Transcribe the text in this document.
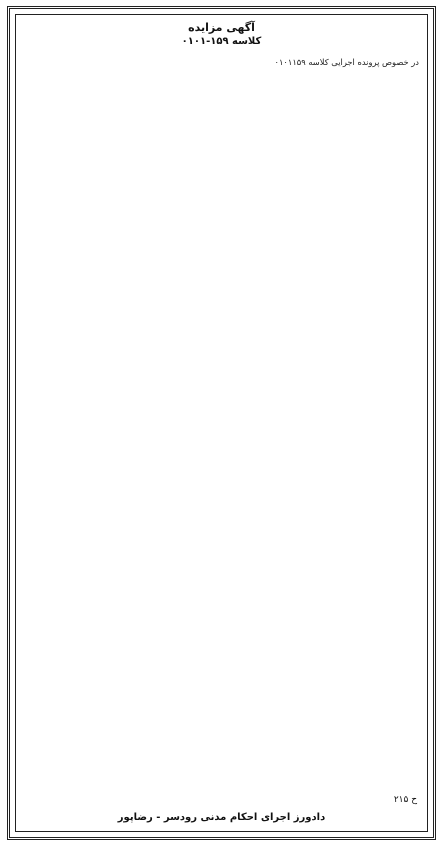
آگهی مزایده
کلاسه ۱۵۹-۰۱۰۱
در خصوص پرونده اجرایی کلاسه ۰۱۰۱۱۵۹
ح ۲۱۵
دادورز اجرای احکام مدنی رودسر - رضاپور
